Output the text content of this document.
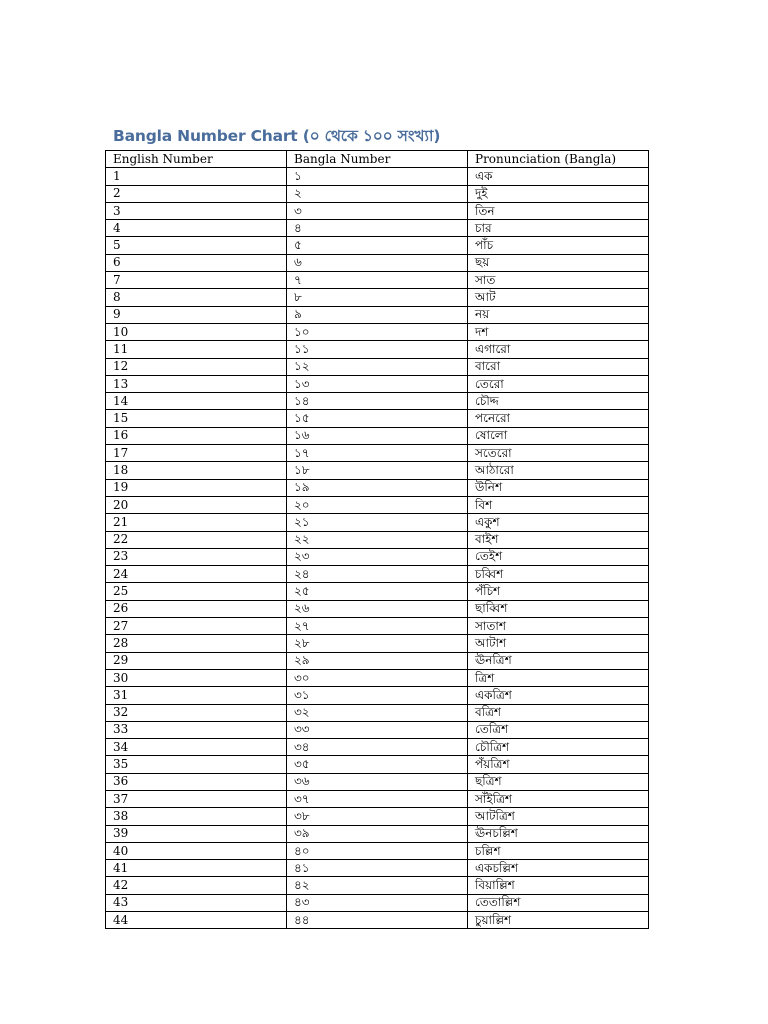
Bangla Number Chart (০ থেকে ১০০ সংখ্যা)
English Number	Bangla Number	Pronunciation (Bangla)
1	১	এক
2	২	দুই
3	৩	তিন
4	৪	চার
5	৫	পাঁচ
6	৬	ছয়
7	৭	সাত
8	৮	আট
9	৯	নয়
10	১০	দশ
11	১১	এগারো
12	১২	বারো
13	১৩	তেরো
14	১৪	চৌদ্দ
15	১৫	পনেরো
16	১৬	ষোলো
17	১৭	সতেরো
18	১৮	আঠারো
19	১৯	উনিশ
20	২০	বিশ
21	২১	একুশ
22	২২	বাইশ
23	২৩	তেইশ
24	২৪	চব্বিশ
25	২৫	পঁচিশ
26	২৬	ছাব্বিশ
27	২৭	সাতাশ
28	২৮	আটাশ
29	২৯	ঊনত্রিশ
30	৩০	ত্রিশ
31	৩১	একত্রিশ
32	৩২	বত্রিশ
33	৩৩	তেত্রিশ
34	৩৪	চৌত্রিশ
35	৩৫	পঁয়ত্রিশ
36	৩৬	ছত্রিশ
37	৩৭	সাঁইত্রিশ
38	৩৮	আটত্রিশ
39	৩৯	ঊনচল্লিশ
40	৪০	চল্লিশ
41	৪১	একচল্লিশ
42	৪২	বিয়াল্লিশ
43	৪৩	তেতাল্লিশ
44	৪৪	চুয়াল্লিশ
